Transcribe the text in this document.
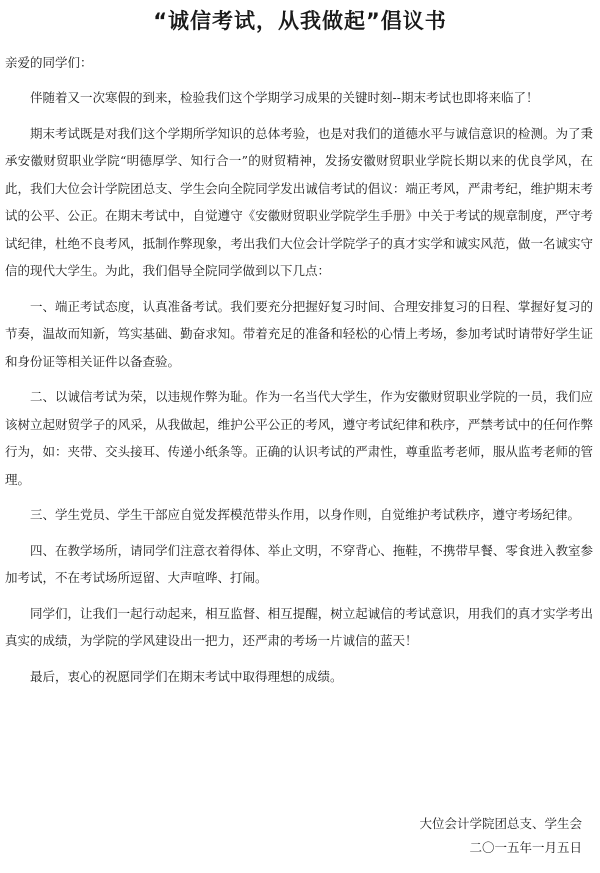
“诚信考试，从我做起”倡议书
亲爱的同学们：

伴随着又一次寒假的到来，检验我们这个学期学习成果的关键时刻--期末考试也即将来临了！

期末考试既是对我们这个学期所学知识的总体考验，也是对我们的道德水平与诚信意识的检测。为了秉承安徽财贸职业学院“明德厚学、知行合一”的财贸精神，发扬安徽财贸职业学院长期以来的优良学风，在此，我们大位会计学院团总支、学生会向全院同学发出诚信考试的倡议：端正考风，严肃考纪，维护期末考试的公平、公正。在期末考试中，自觉遵守《安徽财贸职业学院学生手册》中关于考试的规章制度，严守考试纪律，杜绝不良考风，抵制作弊现象，考出我们大位会计学院学子的真才实学和诚实风范，做一名诚实守信的现代大学生。为此，我们倡导全院同学做到以下几点：

一、端正考试态度，认真准备考试。我们要充分把握好复习时间、合理安排复习的日程、掌握好复习的节奏，温故而知新，笃实基础、勤奋求知。带着充足的准备和轻松的心情上考场，参加考试时请带好学生证和身份证等相关证件以备查验。

二、以诚信考试为荣，以违规作弊为耻。作为一名当代大学生，作为安徽财贸职业学院的一员，我们应该树立起财贸学子的风采，从我做起，维护公平公正的考风，遵守考试纪律和秩序，严禁考试中的任何作弊行为，如：夹带、交头接耳、传递小纸条等。正确的认识考试的严肃性，尊重监考老师，服从监考老师的管理。

三、学生党员、学生干部应自觉发挥模范带头作用，以身作则，自觉维护考试秩序，遵守考场纪律。

四、在教学场所，请同学们注意衣着得体、举止文明，不穿背心、拖鞋，不携带早餐、零食进入教室参加考试，不在考试场所逗留、大声喧哗、打闹。

同学们，让我们一起行动起来，相互监督、相互提醒，树立起诚信的考试意识，用我们的真才实学考出真实的成绩，为学院的学风建设出一把力，还严肃的考场一片诚信的蓝天！

最后，衷心的祝愿同学们在期末考试中取得理想的成绩。

大位会计学院团总支、学生会
二〇一五年一月五日
